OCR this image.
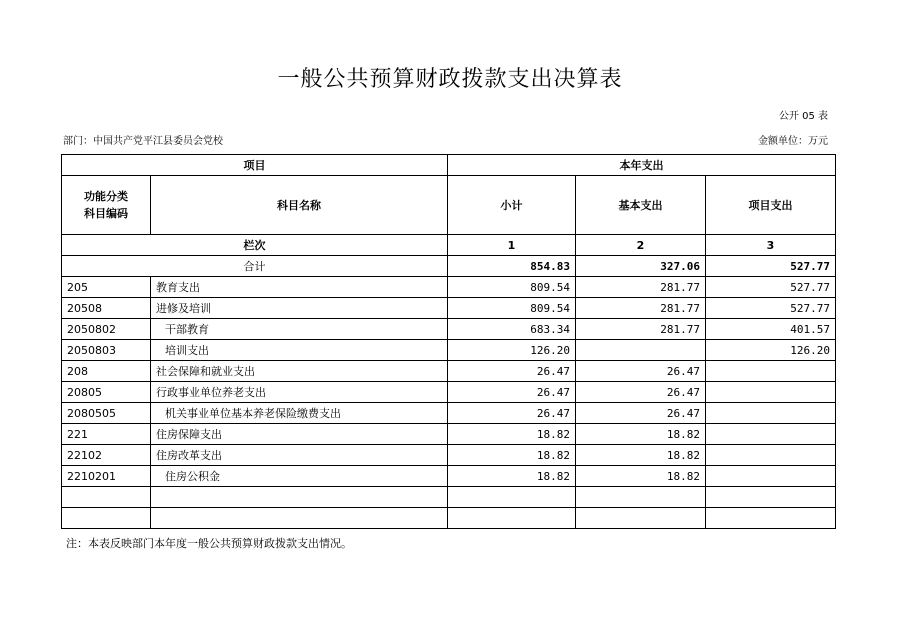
一般公共预算财政拨款支出决算表
公开 05 表
部门：中国共产党平江县委员会党校	金额单位：万元
项目		本年支出		

功能分类
科目编码	科目名称	小计	基本支出	项目支出
栏次		1	2	3
合计		854.83	327.06	527.77
205	教育支出	809.54	281.77	527.77
20508	进修及培训	809.54	281.77	527.77
2050802	干部教育	683.34	281.77	401.57
2050803	培训支出	126.20		126.20
208	社会保障和就业支出	26.47	26.47	
20805	行政事业单位养老支出	26.47	26.47	
2080505	机关事业单位基本养老保险缴费支出	26.47	26.47	
221	住房保障支出	18.82	18.82	
22102	住房改革支出	18.82	18.82	
2210201	住房公积金	18.82	18.82	

注：本表反映部门本年度一般公共预算财政拨款支出情况。
